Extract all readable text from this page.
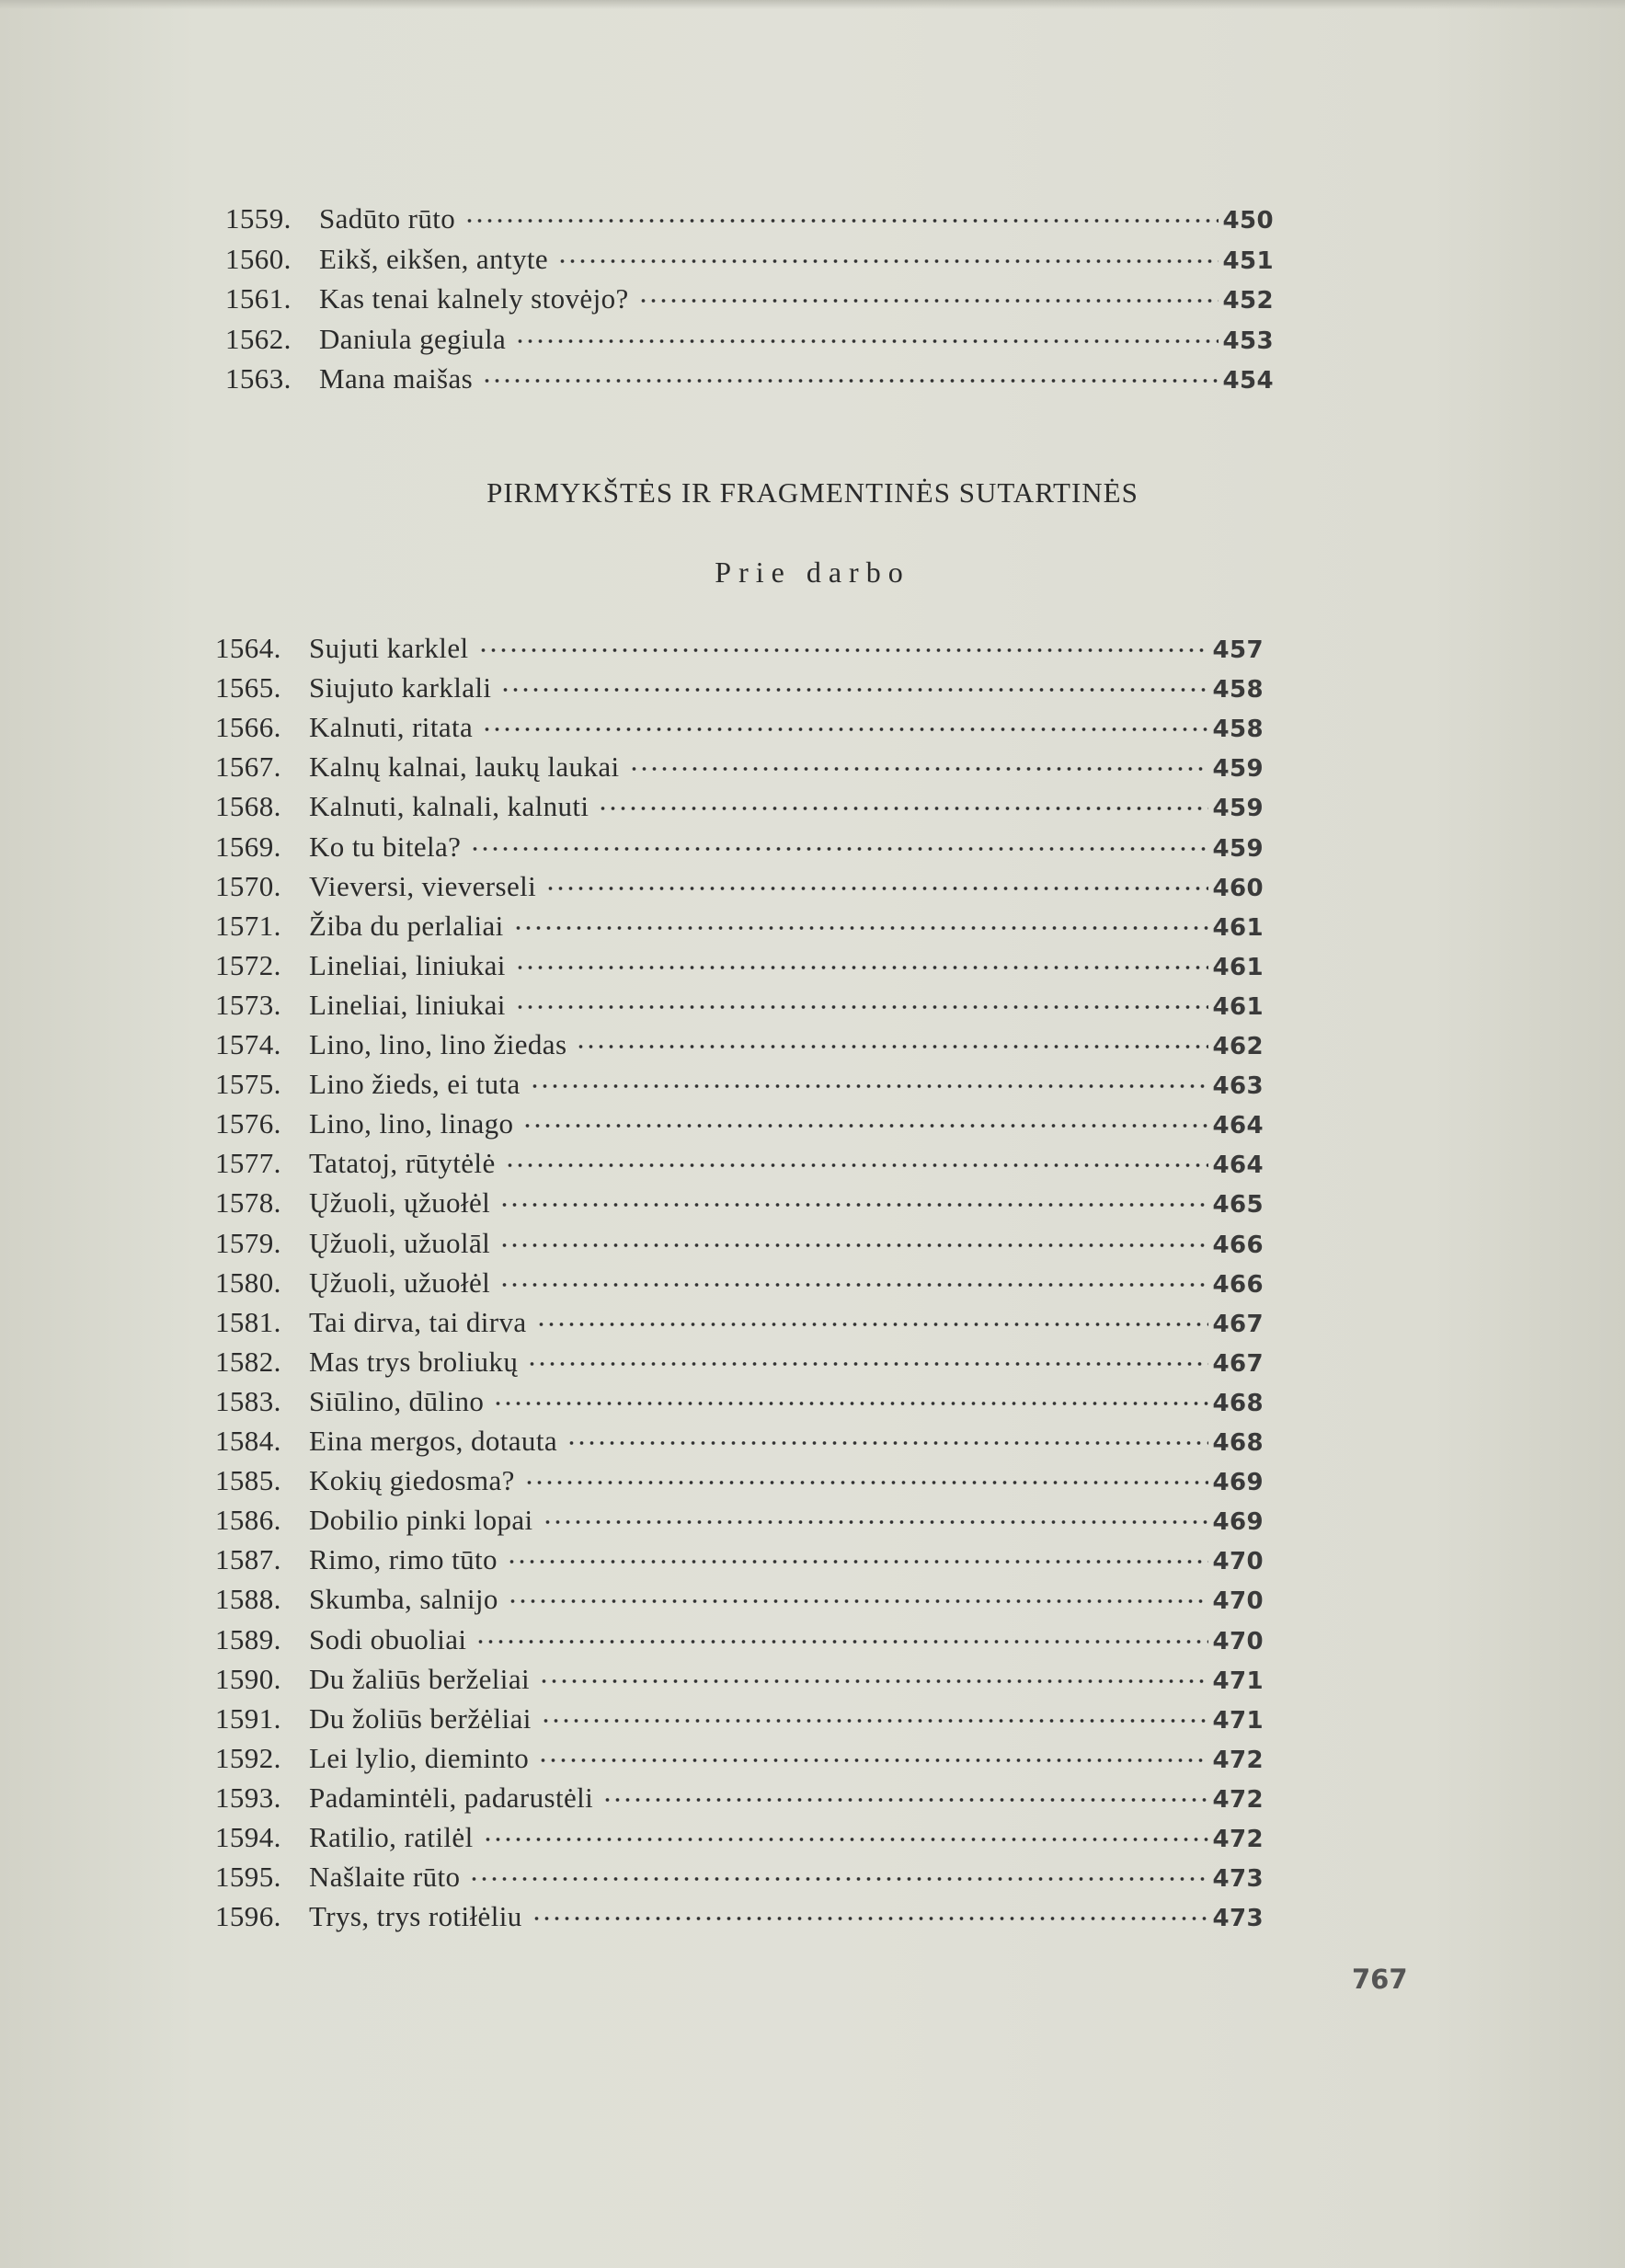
1559. Sadūto rūto	450
1560. Eikš, eikšen, antyte	451
1561. Kas tenai kalnely stovėjo?	452
1562. Daniula gegiula	453
1563. Mana maišas	454
PIRMYKŠTĖS IR FRAGMENTINĖS SUTARTINĖS
Prie darbo
1564. Sujuti karklel	457
1565. Siujuto karklali	458
1566. Kalnuti, ritata	458
1567. Kalnų kalnai, laukų laukai	459
1568. Kalnuti, kalnali, kalnuti	459
1569. Ko tu bitela?	459
1570. Vieversi, vieverseli	460
1571. Žiba du perlaliai	461
1572. Lineliai, liniukai	461
1573. Lineliai, liniukai	461
1574. Lino, lino, lino žiedas	462
1575. Lino žieds, ei tuta	463
1576. Lino, lino, linago	464
1577. Tatatoj, rūtytėlė	464
1578. Ųžuoli, ųžuołėl	465
1579. Ųžuoli, užuolāl	466
1580. Ųžuoli, užuołėl	466
1581. Tai dirva, tai dirva	467
1582. Mas trys broliukų	467
1583. Siūlino, dūlino	468
1584. Eina mergos, dotauta	468
1585. Kokių giedosma?	469
1586. Dobilio pinki lopai	469
1587. Rimo, rimo tūto	470
1588. Skumba, salnijo	470
1589. Sodi obuoliai	470
1590. Du žaliūs berželiai	471
1591. Du žoliūs beržėliai	471
1592. Lei lylio, dieminto	472
1593. Padamintėli, padarustėli	472
1594. Ratilio, ratilėl	472
1595. Našlaite rūto	473
1596. Trys, trys rotiłėliu	473
767
